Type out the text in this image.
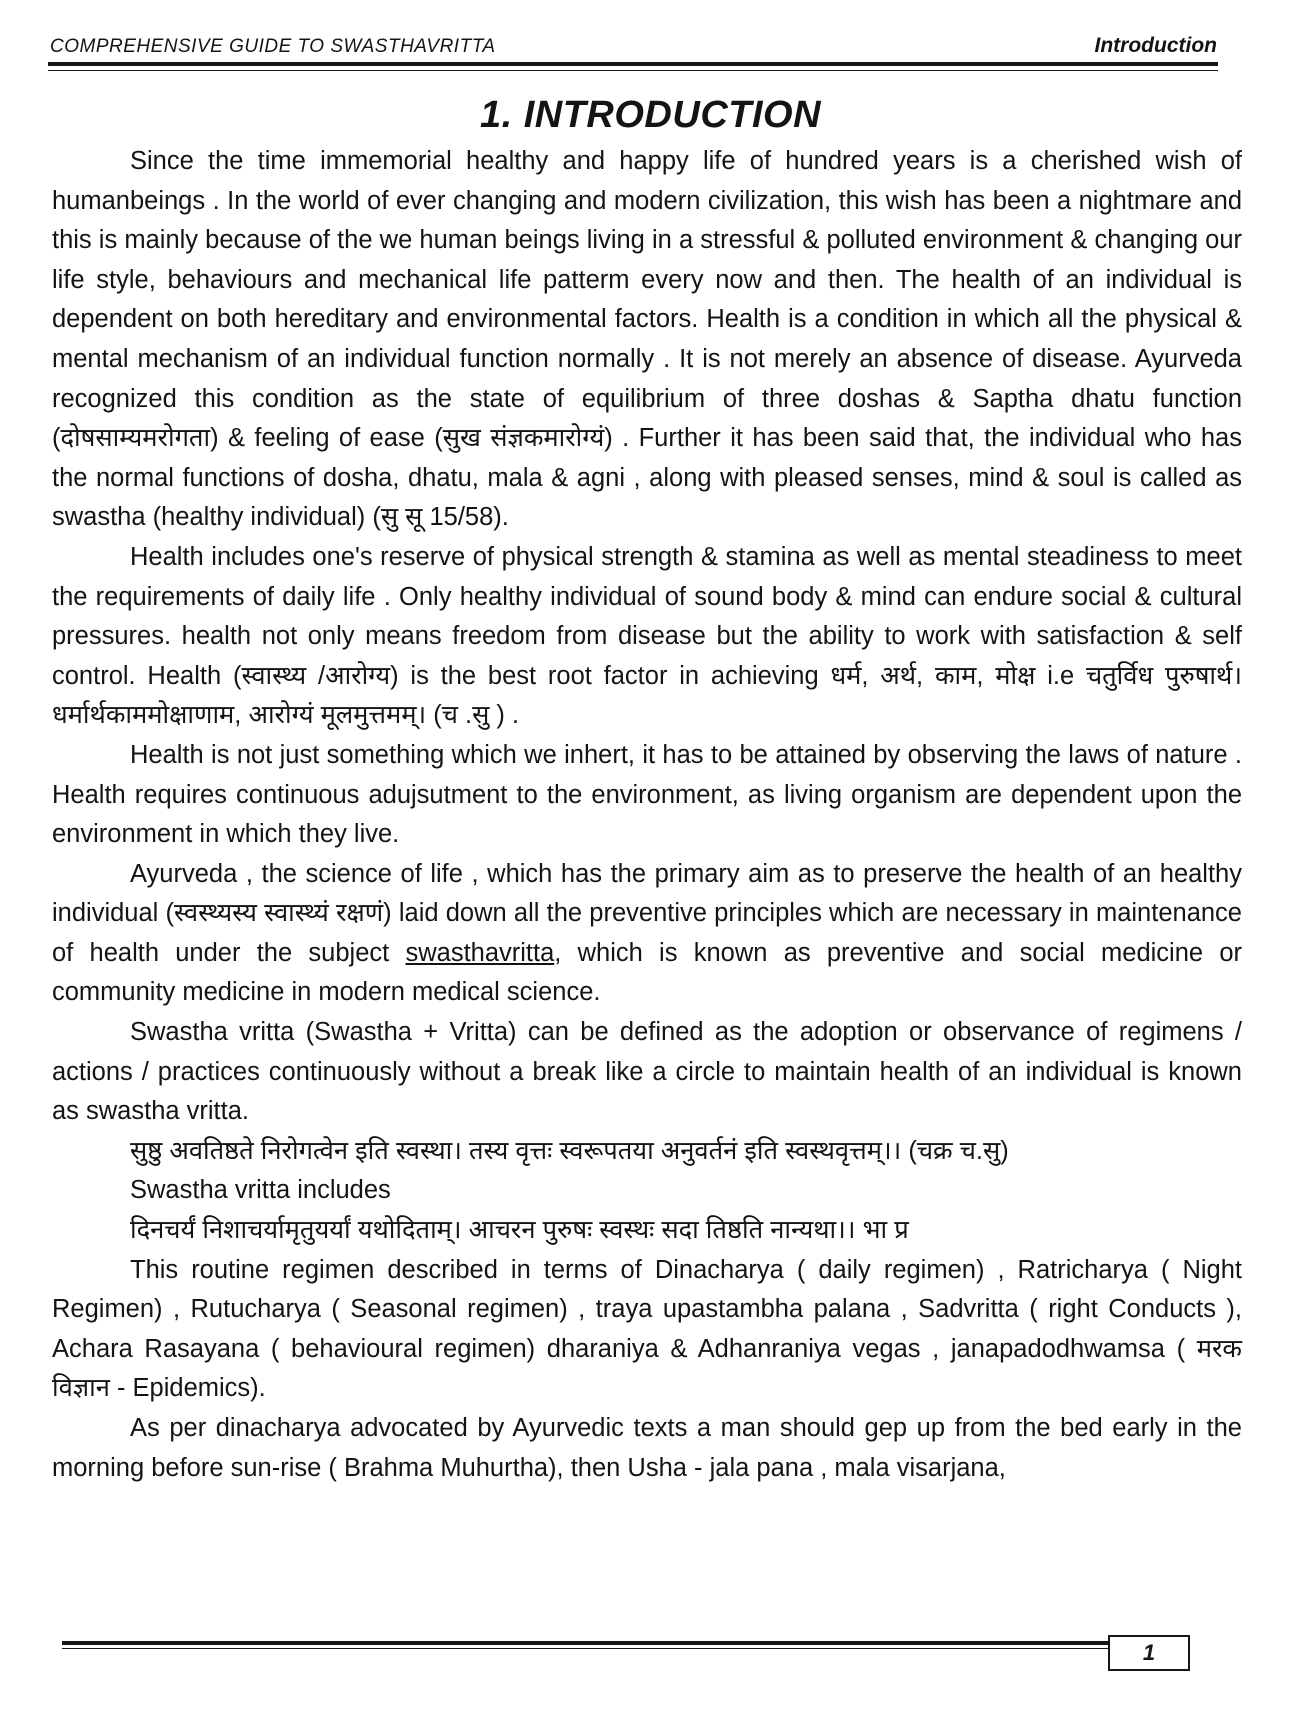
COMPREHENSIVE GUIDE TO SWASTHAVRITTA	Introduction
1. INTRODUCTION

Since the time immemorial healthy and happy life of hundred years is a cherished wish of humanbeings . In the world of ever changing and modern civilization, this wish has been a nightmare and this is mainly because of the we human beings living in a stressful & polluted environment & changing our life style, behaviours and mechanical life patterm every now and then. The health of an individual is dependent on both hereditary and environmental factors. Health is a condition in which all the physical & mental mechanism of an individual function normally . It is not merely an absence of disease. Ayurveda recognized this condition as the state of equilibrium of three doshas & Saptha dhatu function (दोषसाम्यमरोगता) & feeling of ease (सुख संज्ञकमारोग्यं) . Further it has been said that, the individual who has the normal functions of dosha, dhatu, mala & agni , along with pleased senses, mind & soul is called as swastha (healthy individual) (सु सू 15/58).

Health includes one's reserve of physical strength & stamina as well as mental steadiness to meet the requirements of daily life . Only healthy individual of sound body & mind can endure social & cultural pressures. health not only means freedom from disease but the ability to work with satisfaction & self control. Health (स्वास्थ्य /आरोग्य) is the best root factor in achieving धर्म, अर्थ, काम, मोक्ष i.e चतुर्विध पुरुषार्थ। धर्मार्थकाममोक्षाणाम, आरोग्यं मूलमुत्तमम्। (च .सु ) .

Health is not just something which we inhert, it has to be attained by observing the laws of nature . Health requires continuous adujsutment to the environment, as living organism are dependent upon the environment in which they live.

Ayurveda , the science of life , which has the primary aim as to preserve the health of an healthy individual (स्वस्थ्यस्य स्वास्थ्यं रक्षणं) laid down all the preventive principles which are necessary in maintenance of health under the subject swasthavritta, which is known as preventive and social medicine or community medicine in modern medical science.

Swastha vritta (Swastha + Vritta) can be defined as the adoption or observance of regimens / actions / practices continuously without a break like a circle to maintain health of an individual is known as swastha vritta.

सुष्ठु अवतिष्ठते निरोगत्वेन इति स्वस्था। तस्य वृत्तः स्वरूपतया अनुवर्तनं इति स्वस्थवृत्तम्।। (चक्र च.सु)

Swastha vritta includes

दिनचर्यं निशाचर्यामृतुयर्यां यथोदिताम्। आचरन पुरुषः स्वस्थः सदा तिष्ठति नान्यथा।। भा प्र

This routine regimen described in terms of Dinacharya ( daily regimen) , Ratricharya ( Night Regimen) , Rutucharya ( Seasonal regimen) , traya upastambha palana , Sadvritta ( right Conducts ), Achara Rasayana ( behavioural regimen) dharaniya & Adhanraniya vegas , janapadodhwamsa ( मरक विज्ञान - Epidemics).

As per dinacharya advocated by Ayurvedic texts a man should gep up from the bed early in the morning before sun-rise ( Brahma Muhurtha), then Usha - jala pana , mala visarjana,

1
